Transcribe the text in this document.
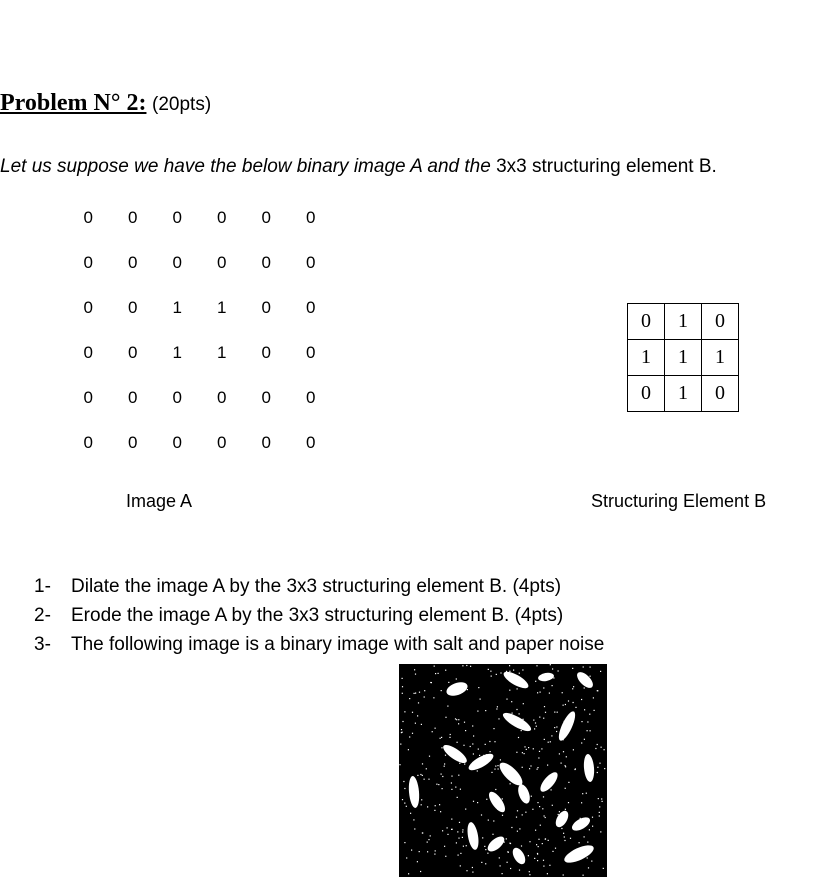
Problem N° 2: (20pts)
Let us suppose we have the below binary image A and the 3x3 structuring element B.
0	0	0	0	0	0
0	0	0	0	0	0
0	0	1	1	0	0
0	0	1	1	0	0
0	0	0	0	0	0
0	0	0	0	0	0
0	1	0
1	1	1
0	1	0
Image A	Structuring Element B
1- Dilate the image A by the 3x3 structuring element B. (4pts)
2- Erode the image A by the 3x3 structuring element B. (4pts)
3- The following image is a binary image with salt and paper noise
